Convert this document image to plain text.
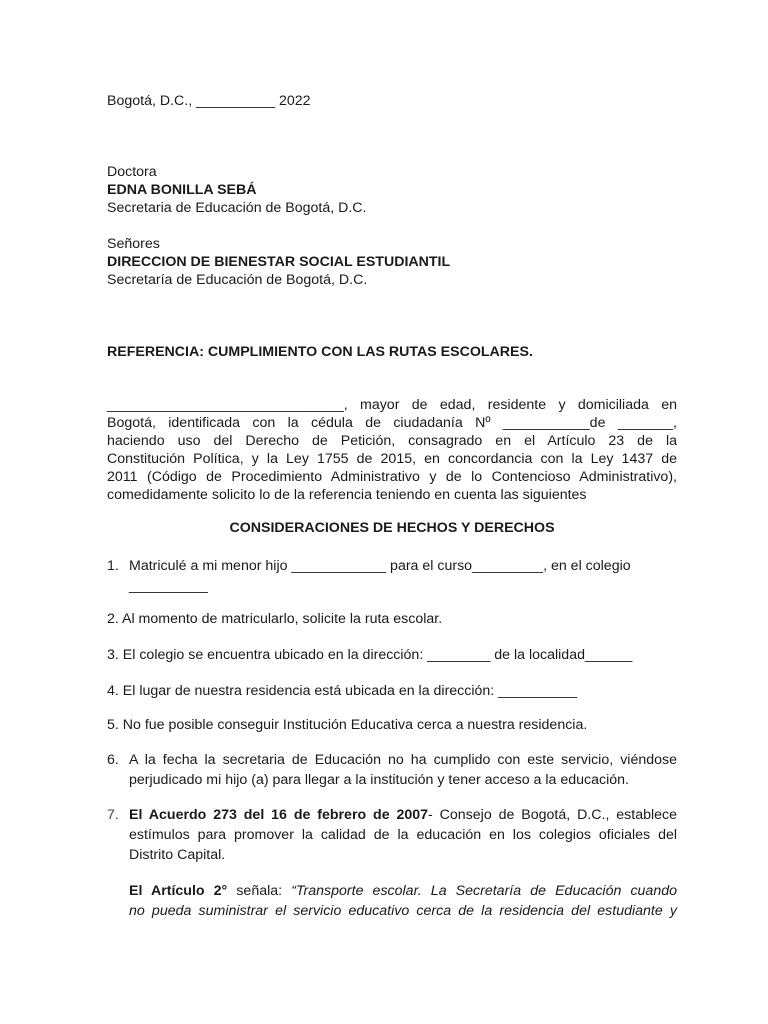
Bogotá, D.C., __________ 2022
Doctora
EDNA BONILLA SEBÁ
Secretaria de Educación de Bogotá, D.C.
Señores
DIRECCION DE BIENESTAR SOCIAL ESTUDIANTIL
Secretaría de Educación de Bogotá, D.C.
REFERENCIA: CUMPLIMIENTO CON LAS RUTAS ESCOLARES.
______________________________, mayor de edad, residente y domiciliada en
Bogotá, identificada con la cédula de ciudadanía Nº ___________de _______,
haciendo uso del Derecho de Petición, consagrado en el Artículo 23 de la
Constitución Política, y la Ley 1755 de 2015, en concordancia con la Ley 1437 de
2011 (Código de Procedimiento Administrativo y de lo Contencioso Administrativo),
comedidamente solicito lo de la referencia teniendo en cuenta las siguientes
CONSIDERACIONES DE HECHOS Y DERECHOS
1. Matriculé a mi menor hijo ____________ para el curso_________, en el colegio
__________
2. Al momento de matricularlo, solicite la ruta escolar.
3. El colegio se encuentra ubicado en la dirección: ________ de la localidad______
4. El lugar de nuestra residencia está ubicada en la dirección: __________
5. No fue posible conseguir Institución Educativa cerca a nuestra residencia.
6. A la fecha la secretaria de Educación no ha cumplido con este servicio, viéndose
perjudicado mi hijo (a) para llegar a la institución y tener acceso a la educación.
7. El Acuerdo 273 del 16 de febrero de 2007- Consejo de Bogotá, D.C., establece
estímulos para promover la calidad de la educación en los colegios oficiales del
Distrito Capital.
El Artículo 2° señala: “Transporte escolar. La Secretaría de Educación cuando
no pueda suministrar el servicio educativo cerca de la residencia del estudiante y
